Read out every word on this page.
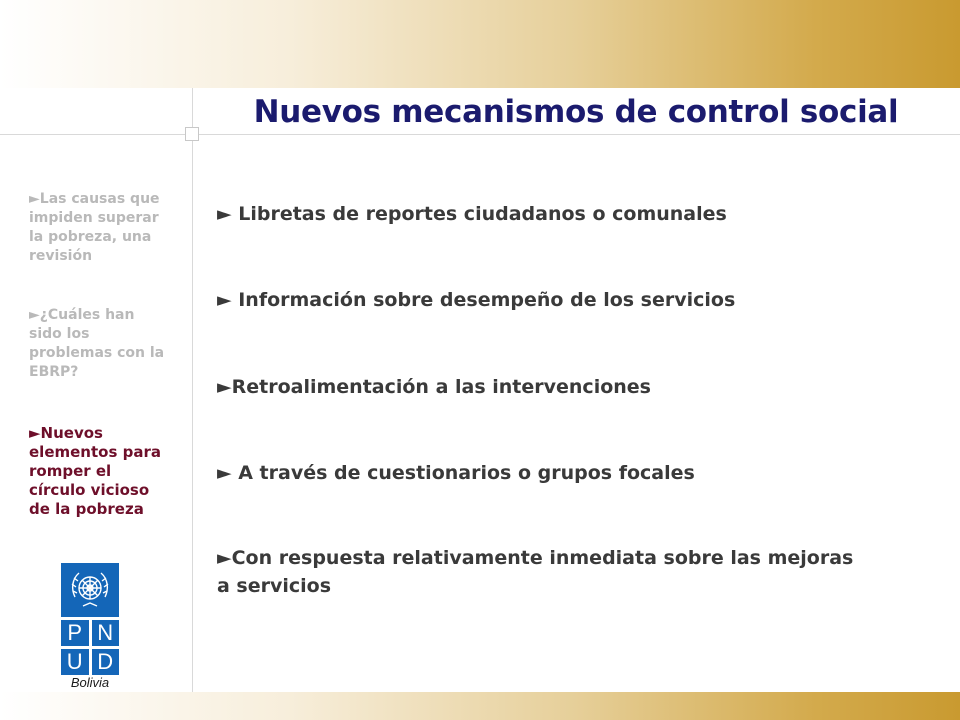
Nuevos mecanismos de control social
►Las causas que impiden superar la pobreza, una revisión
►¿Cuáles han sido los problemas con la EBRP?
►Nuevos elementos para romper el círculo vicioso de la pobreza
► Libretas de reportes ciudadanos o comunales
► Información sobre desempeño de los servicios
►Retroalimentación a las intervenciones
► A través de cuestionarios o grupos focales
►Con respuesta relativamente inmediata sobre las mejoras a servicios
P N
U D
Bolivia
